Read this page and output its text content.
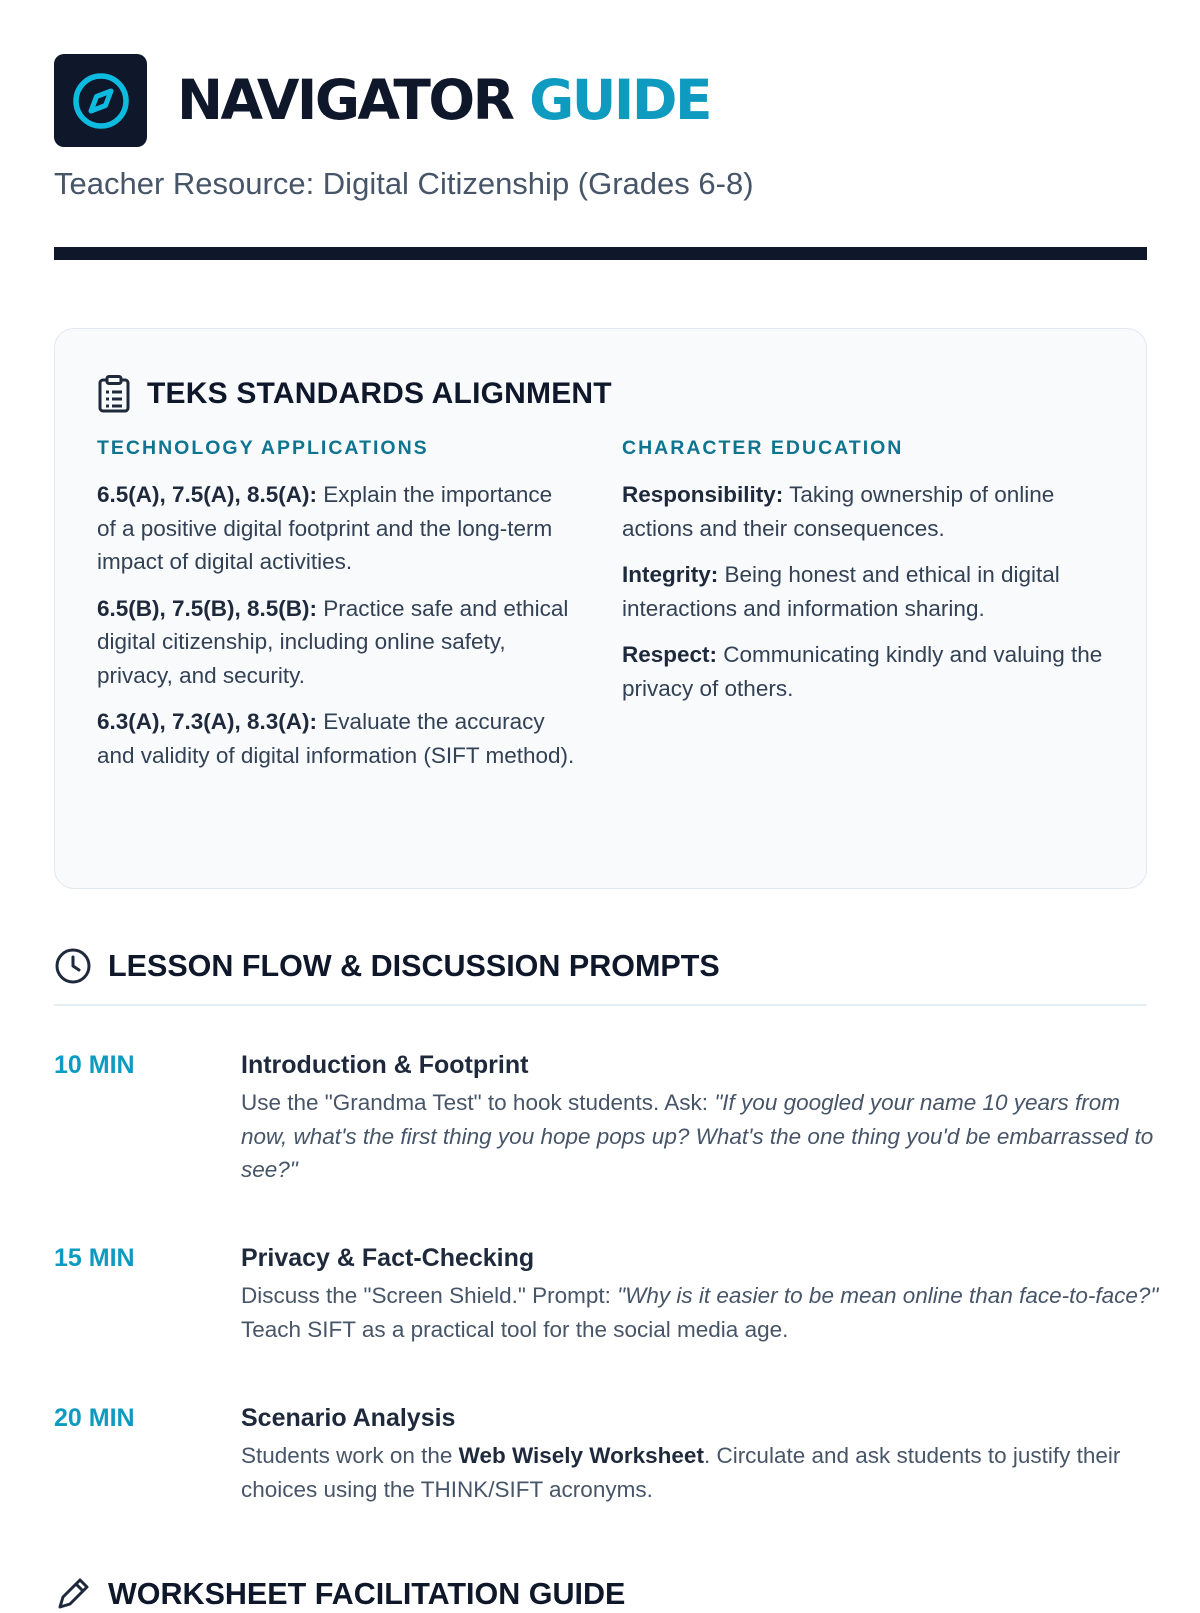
NAVIGATOR GUIDE
Teacher Resource: Digital Citizenship (Grades 6-8)
TEKS STANDARDS ALIGNMENT
TECHNOLOGY APPLICATIONS

6.5(A), 7.5(A), 8.5(A): Explain the importance of a positive digital footprint and the long-term impact of digital activities.

6.5(B), 7.5(B), 8.5(B): Practice safe and ethical digital citizenship, including online safety, privacy, and security.

6.3(A), 7.3(A), 8.3(A): Evaluate the accuracy and validity of digital information (SIFT method).

CHARACTER EDUCATION

Responsibility: Taking ownership of online actions and their consequences.

Integrity: Being honest and ethical in digital interactions and information sharing.

Respect: Communicating kindly and valuing the privacy of others.

LESSON FLOW & DISCUSSION PROMPTS
10 MIN	Introduction & Footprint

Use the "Grandma Test" to hook students. Ask: "If you googled your name 10 years from now, what's the first thing you hope pops up? What's the one thing you'd be embarrassed to see?"

15 MIN	Privacy & Fact-Checking

Discuss the "Screen Shield." Prompt: "Why is it easier to be mean online than face-to-face?" Teach SIFT as a practical tool for the social media age.

20 MIN	Scenario Analysis

Students work on the Web Wisely Worksheet. Circulate and ask students to justify their choices using the THINK/SIFT acronyms.

WORKSHEET FACILITATION GUIDE
